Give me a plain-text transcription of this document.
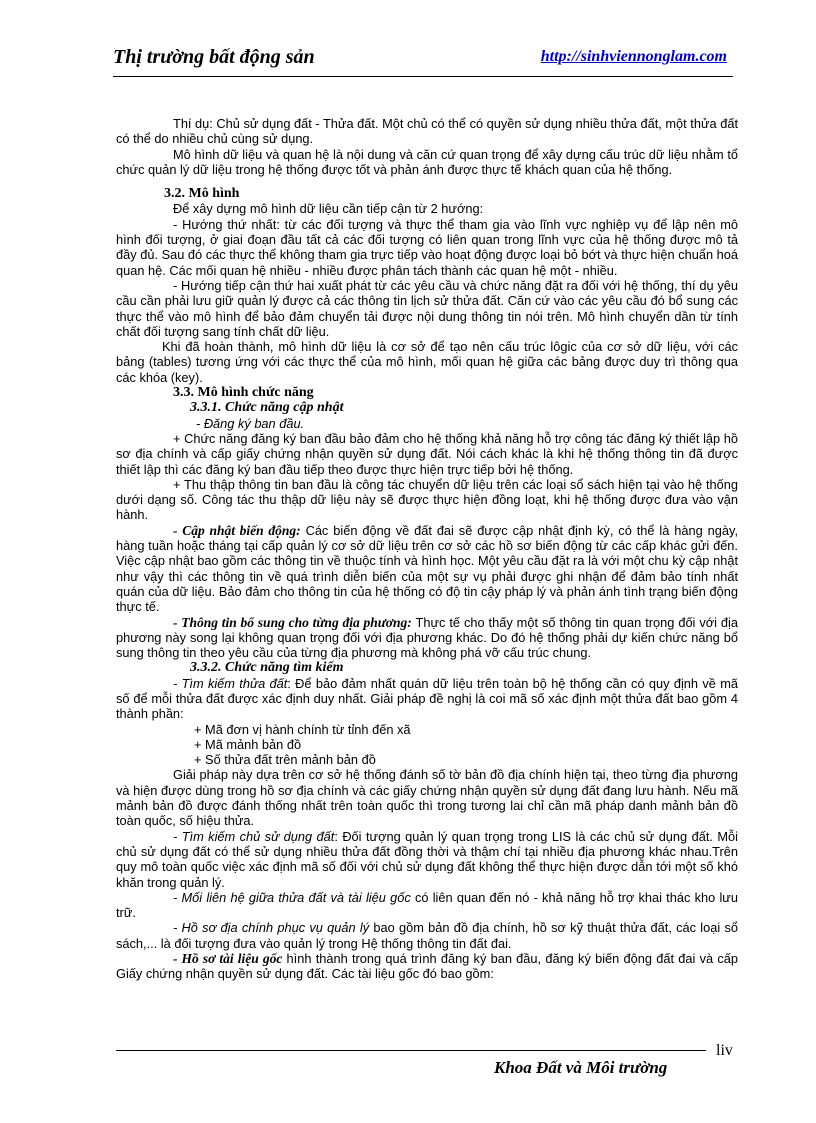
Thị trường bất động sản	http://sinhviennonglam.com

Thí dụ: Chủ sử dụng đất - Thửa đất. Một chủ có thể có quyền sử dụng nhiều thửa đất, một thửa đất có thể do nhiều chủ cùng sử dụng.

Mô hình dữ liệu và quan hệ là nội dung và căn cứ quan trọng để xây dựng cấu trúc dữ liệu nhằm tổ chức quản lý dữ liệu trong hệ thống được tốt và phản ánh được thực tế khách quan của hệ thống.

3.2. Mô hình

Để xây dựng mô hình dữ liệu cần tiếp cận từ 2 hướng:

- Hướng thứ nhất: từ các đối tượng và thực thể tham gia vào lĩnh vực nghiệp vụ để lập nên mô hình đối tượng, ở giai đoạn đầu tất cả các đối tượng có liên quan trong lĩnh vực của hệ thống được mô tả đầy đủ. Sau đó các thực thể không tham gia trực tiếp vào hoạt động được loại bỏ bớt và thực hiện chuẩn hoá quan hệ. Các mối quan hệ nhiều - nhiều được phân tách thành các quan hệ một - nhiều.

- Hướng tiếp cận thứ hai xuất phát từ các yêu cầu và chức năng đặt ra đối với hệ thống, thí dụ yêu cầu cần phải lưu giữ quản lý được cả các thông tin lịch sử thửa đất. Căn cứ vào các yêu cầu đó bổ sung các thực thể vào mô hình để bảo đảm chuyển tải được nội dung thông tin nói trên. Mô hình chuyển dần từ tính chất đối tượng sang tính chất dữ liệu.

Khi đã hoàn thành, mô hình dữ liệu là cơ sở để tạo nên cấu trúc lôgic của cơ sở dữ liệu, với các bảng (tables) tương ứng với các thực thể của mô hình, mối quan hệ giữa các bảng được duy trì thông qua các khóa (key).

3.3. Mô hình chức năng

3.3.1. Chức năng cập nhật

- Đăng ký ban đầu.

+ Chức năng đăng ký ban đầu bảo đảm cho hệ thống khả năng hỗ trợ công tác đăng ký thiết lập hồ sơ địa chính và cấp giấy chứng nhận quyền sử dụng đất. Nói cách khác là khi hệ thống thông tin đã được thiết lập thì các đăng ký ban đầu tiếp theo được thực hiện trực tiếp bởi hệ thống.

+ Thu thập thông tin ban đầu là công tác chuyển dữ liệu trên các loại sổ sách hiện tại vào hệ thống dưới dạng số. Công tác thu thập dữ liệu này sẽ được thực hiện đồng loạt, khi hệ thống được đưa vào vận hành.

- Cập nhật biến động: Các biến động về đất đai sẽ được cập nhật định kỳ, có thể là hàng ngày, hàng tuần hoặc tháng tại cấp quản lý cơ sở dữ liệu trên cơ sở các hồ sơ biến động từ các cấp khác gửi đến. Việc cập nhật bao gồm các thông tin về thuộc tính và hình học. Một yêu cầu đặt ra là với một chu kỳ cập nhật như vậy thì các thông tin về quá trình diễn biến của một sự vụ phải được ghi nhận để đảm bảo tính nhất quán của dữ liệu. Bảo đảm cho thông tin của hệ thống có độ tin cậy pháp lý và phản ánh tình trạng biến động thực tế.

- Thông tin bổ sung cho từng địa phương: Thực tế cho thấy một số thông tin quan trọng đối với địa phương này song lại không quan trọng đối với địa phương khác. Do đó hệ thống phải dự kiến chức năng bổ sung thông tin theo yêu cầu của từng địa phương mà không phá vỡ cấu trúc chung.

3.3.2. Chức năng tìm kiếm

- Tìm kiếm thửa đất: Để bảo đảm nhất quán dữ liệu trên toàn bộ hệ thống cần có quy định về mã số để mỗi thửa đất được xác định duy nhất. Giải pháp đề nghị là coi mã số xác định một thửa đất bao gồm 4 thành phần:

+ Mã đơn vị hành chính từ tỉnh đến xã

+ Mã mảnh bản đồ

+ Số thửa đất trên mảnh bản đồ

Giải pháp này dựa trên cơ sở hệ thống đánh số tờ bản đồ địa chính hiện tại, theo từng địa phương và hiện được dùng trong hồ sơ địa chính và các giấy chứng nhận quyền sử dụng đất đang lưu hành. Nếu mã mảnh bản đồ được đánh thống nhất trên toàn quốc thì trong tương lai chỉ cần mã pháp danh mảnh bản đồ toàn quốc, số hiệu thửa.

- Tìm kiếm chủ sử dụng đất: Đối tượng quản lý quan trọng trong LIS là các chủ sử dụng đất. Mỗi chủ sử dụng đất có thể sử dụng nhiều thửa đất đồng thời và thậm chí tại nhiều địa phương khác nhau.Trên quy mô toàn quốc việc xác định mã số đối với chủ sử dụng đất không thể thực hiện được dẫn tới một số khó khăn trong quản lý.

- Mối liên hệ giữa thửa đất và tài liệu gốc có liên quan đến nó - khả năng hỗ trợ khai thác kho lưu trữ.

- Hồ sơ địa chính phục vụ quản lý bao gồm bản đồ địa chính, hồ sơ kỹ thuật thửa đất, các loại sổ sách,... là đối tượng đưa vào quản lý trong Hệ thống thông tin đất đai.

- Hồ sơ tài liệu gốc hình thành trong quá trình đăng ký ban đầu, đăng ký biến động đất đai và cấp Giấy chứng nhận quyền sử dụng đất. Các tài liệu gốc đó bao gồm:

liv
Khoa Đất và Môi trường
